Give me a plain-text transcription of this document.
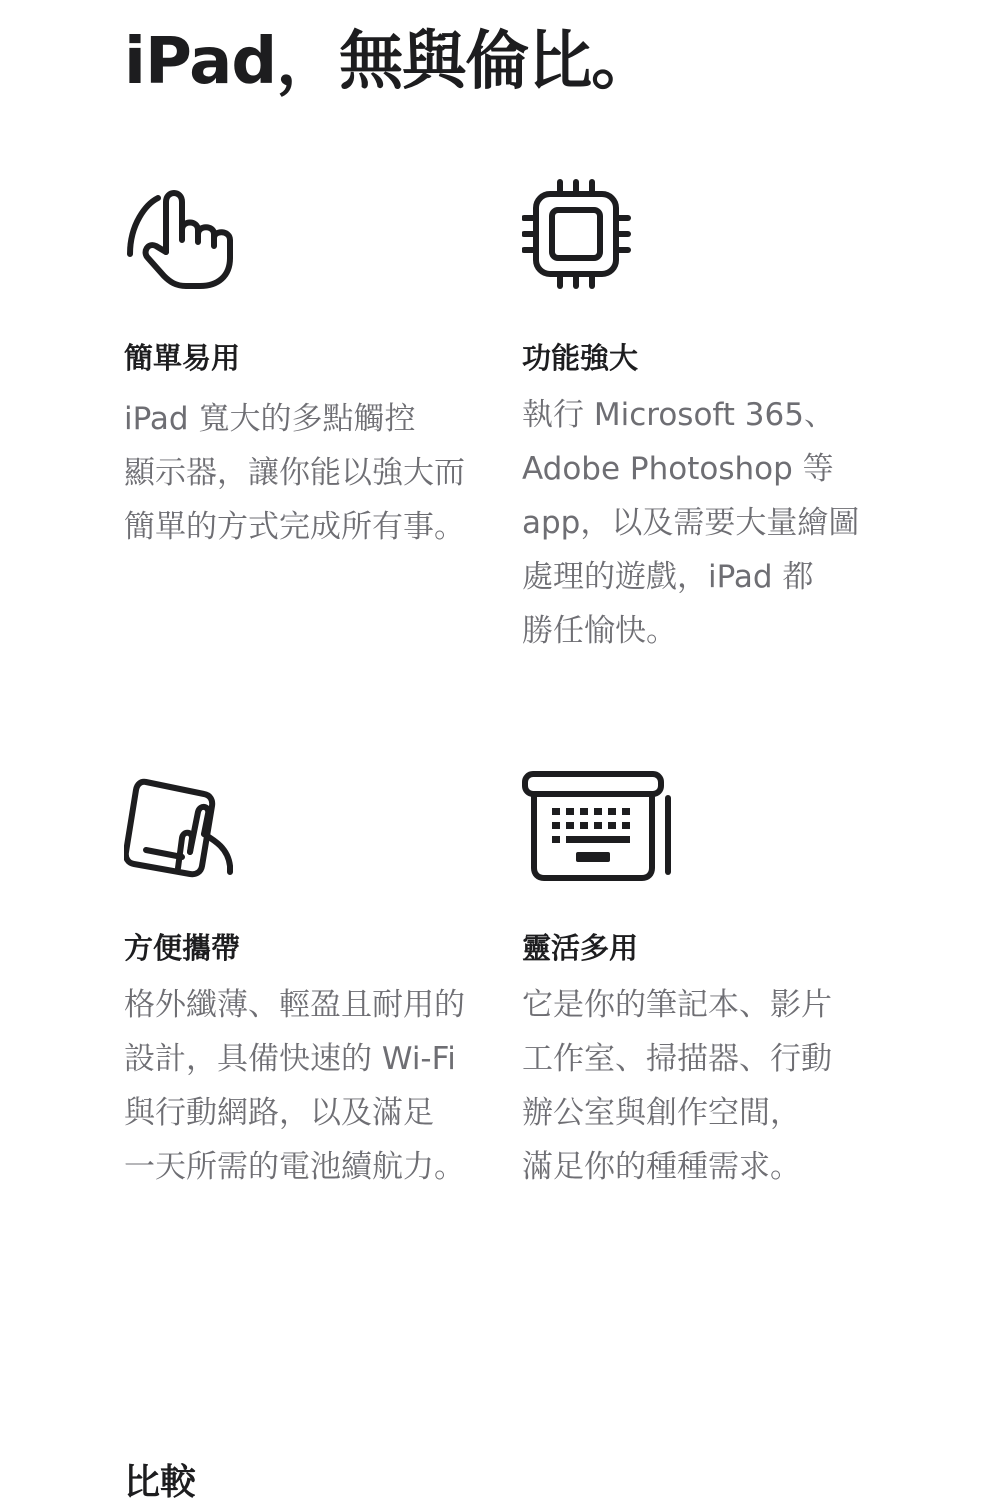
iPad，無與倫比。
簡單易用
iPad 寬大的多點觸控
顯示器，讓你能以強大而
簡單的方式完成所有事。
功能強大
執行 Microsoft 365、
Adobe Photoshop 等
app，以及需要大量繪圖
處理的遊戲，iPad 都
勝任愉快。
方便攜帶
格外纖薄、輕盈且耐用的
設計，具備快速的 Wi-Fi
與行動網路，以及滿足
一天所需的電池續航力。
靈活多用
它是你的筆記本、影片
工作室、掃描器、行動
辦公室與創作空間，
滿足你的種種需求。
比較
